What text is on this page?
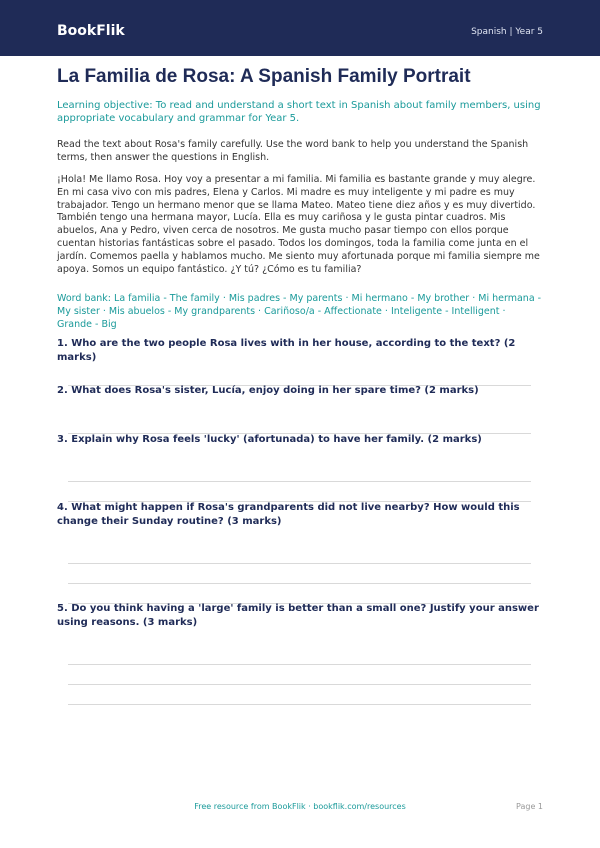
BookFlik	Spanish | Year 5
La Familia de Rosa: A Spanish Family Portrait

Learning objective: To read and understand a short text in Spanish about family members, using appropriate vocabulary and grammar for Year 5.

Read the text about Rosa's family carefully. Use the word bank to help you understand the Spanish terms, then answer the questions in English.

¡Hola! Me llamo Rosa. Hoy voy a presentar a mi familia. Mi familia es bastante grande y muy alegre. En mi casa vivo con mis padres, Elena y Carlos. Mi madre es muy inteligente y mi padre es muy trabajador. Tengo un hermano menor que se llama Mateo. Mateo tiene diez años y es muy divertido. También tengo una hermana mayor, Lucía. Ella es muy cariñosa y le gusta pintar cuadros. Mis abuelos, Ana y Pedro, viven cerca de nosotros. Me gusta mucho pasar tiempo con ellos porque cuentan historias fantásticas sobre el pasado. Todos los domingos, toda la familia come junta en el jardín. Comemos paella y hablamos mucho. Me siento muy afortunada porque mi familia siempre me apoya. Somos un equipo fantástico. ¿Y tú? ¿Cómo es tu familia?

Word bank: La familia - The family · Mis padres - My parents · Mi hermano - My brother · Mi hermana - My sister · Mis abuelos - My grandparents · Cariñoso/a - Affectionate · Inteligente - Intelligent · Grande - Big

1. Who are the two people Rosa lives with in her house, according to the text? (2 marks)

2. What does Rosa's sister, Lucía, enjoy doing in her spare time? (2 marks)

3. Explain why Rosa feels 'lucky' (afortunada) to have her family. (2 marks)

4. What might happen if Rosa's grandparents did not live nearby? How would this change their Sunday routine? (3 marks)

5. Do you think having a 'large' family is better than a small one? Justify your answer using reasons. (3 marks)

Free resource from BookFlik · bookflik.com/resources	Page 1
